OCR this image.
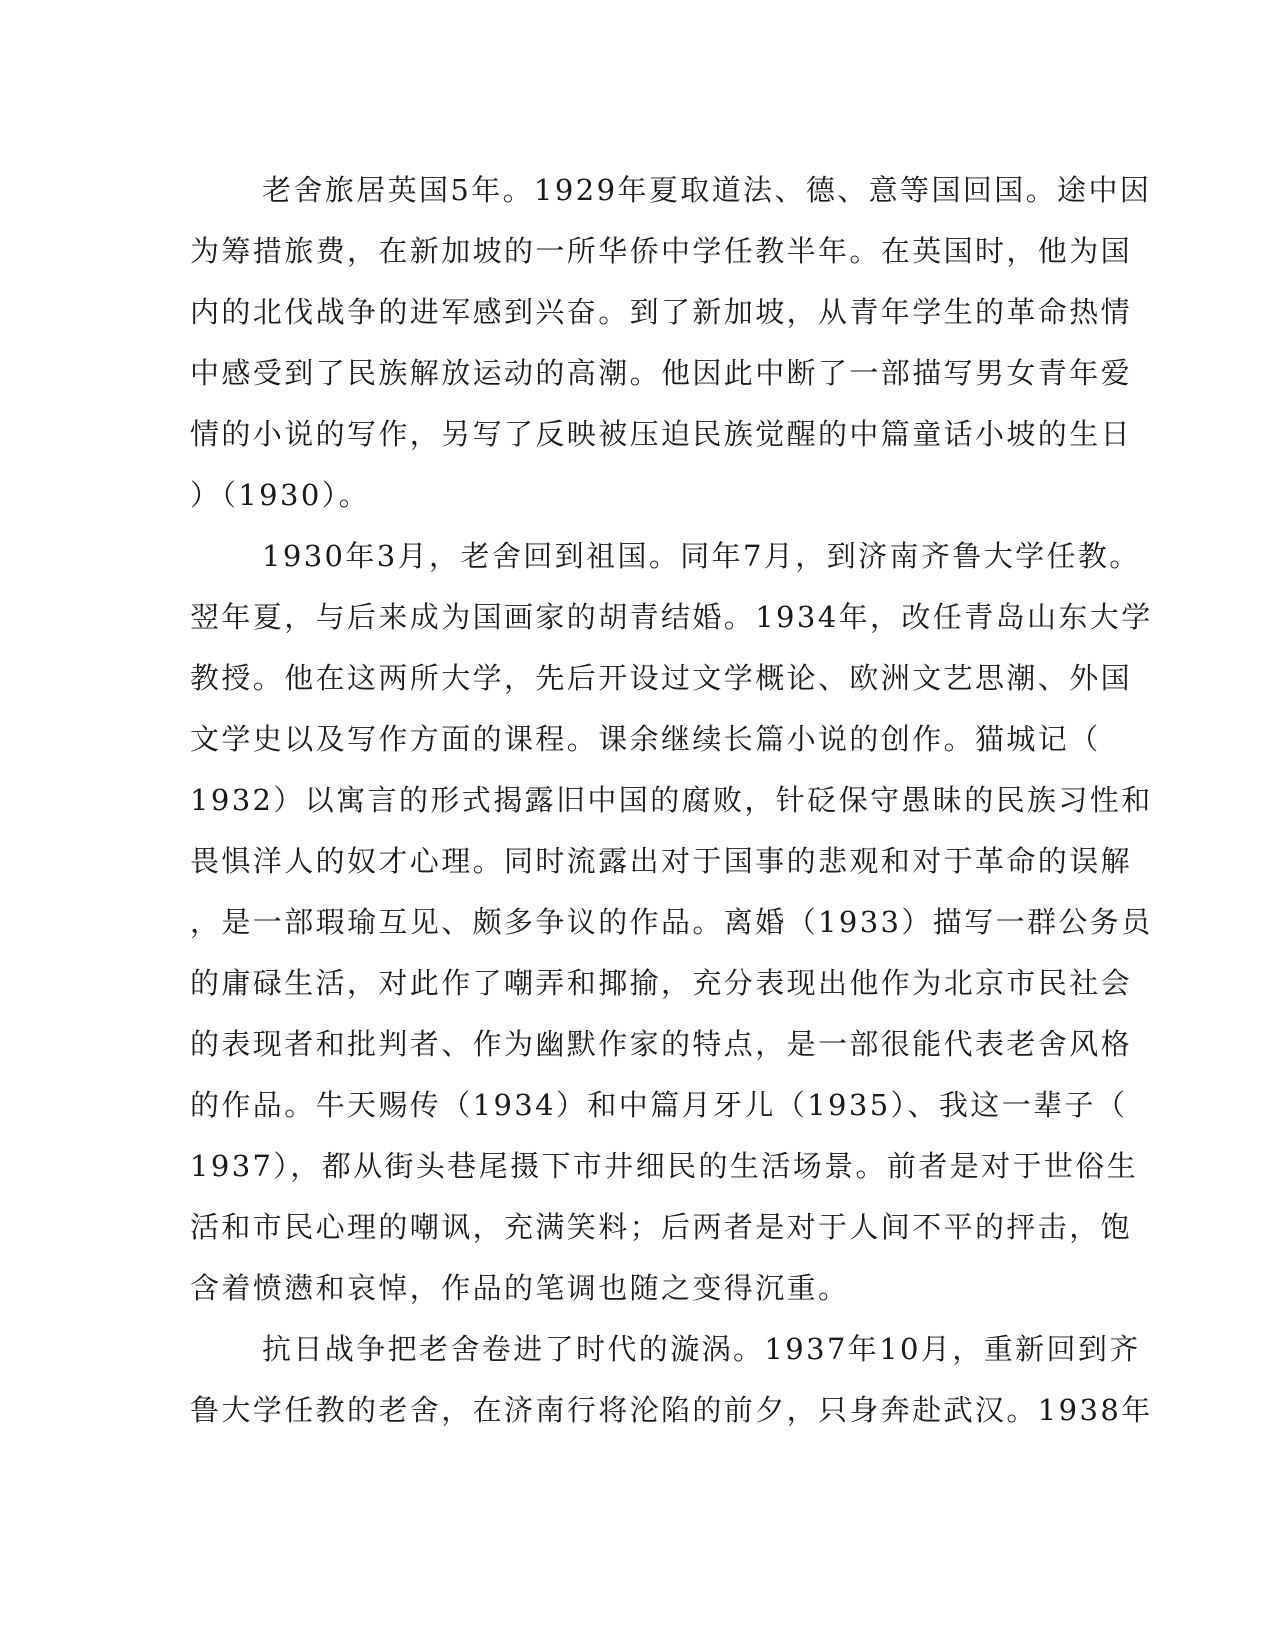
老舍旅居英国5年。1929年夏取道法、德、意等国回国。途中因
为筹措旅费，在新加坡的一所华侨中学任教半年。在英国时，他为国
内的北伐战争的进军感到兴奋。到了新加坡，从青年学生的革命热情
中感受到了民族解放运动的高潮。他因此中断了一部描写男女青年爱
情的小说的写作，另写了反映被压迫民族觉醒的中篇童话小坡的生日
）（1930）。
1930年3月，老舍回到祖国。同年7月，到济南齐鲁大学任教。
翌年夏，与后来成为国画家的胡青结婚。1934年，改任青岛山东大学
教授。他在这两所大学，先后开设过文学概论、欧洲文艺思潮、外国
文学史以及写作方面的课程。课余继续长篇小说的创作。猫城记（
1932）以寓言的形式揭露旧中国的腐败，针砭保守愚昧的民族习性和
畏惧洋人的奴才心理。同时流露出对于国事的悲观和对于革命的误解
，是一部瑕瑜互见、颇多争议的作品。离婚（1933）描写一群公务员
的庸碌生活，对此作了嘲弄和揶揄，充分表现出他作为北京市民社会
的表现者和批判者、作为幽默作家的特点，是一部很能代表老舍风格
的作品。牛天赐传（1934）和中篇月牙儿（1935）、我这一辈子（
1937），都从街头巷尾摄下市井细民的生活场景。前者是对于世俗生
活和市民心理的嘲讽，充满笑料；后两者是对于人间不平的抨击，饱
含着愤懑和哀悼，作品的笔调也随之变得沉重。
抗日战争把老舍卷进了时代的漩涡。1937年10月，重新回到齐
鲁大学任教的老舍，在济南行将沦陷的前夕，只身奔赴武汉。1938年
